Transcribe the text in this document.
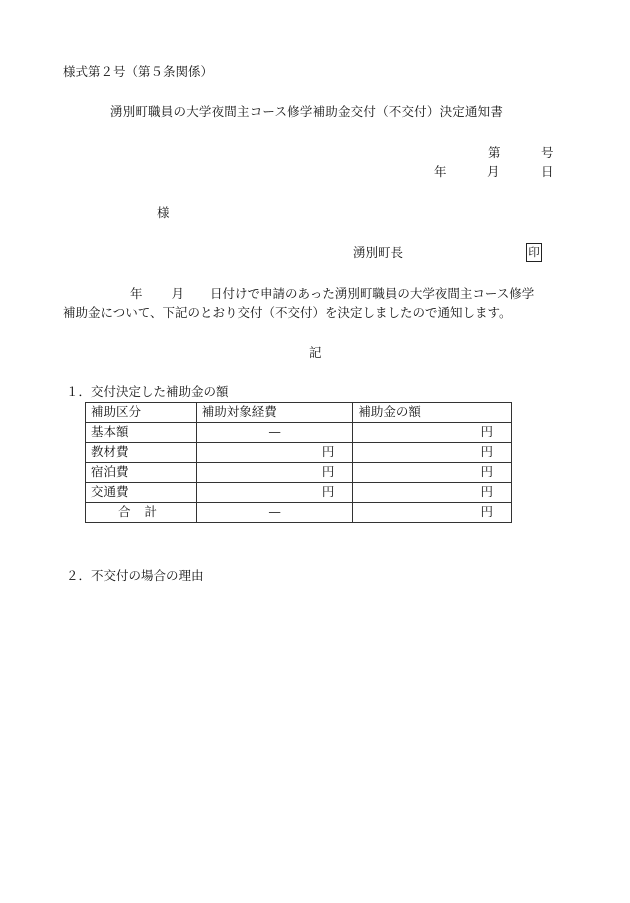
様式第２号（第５条関係）
湧別町職員の大学夜間主コース修学補助金交付（不交付）決定通知書
第	号
年	月	日
様
湧別町長	印
年 月 日付けで申請のあった湧別町職員の大学夜間主コース修学
補助金について、下記のとおり交付（不交付）を決定しましたので通知します。
記
１．交付決定した補助金の額
補助区分	補助対象経費	補助金の額
基本額	—	円
教材費	円	円
宿泊費	円	円
交通費	円	円
合 計	—	円
２．不交付の場合の理由
